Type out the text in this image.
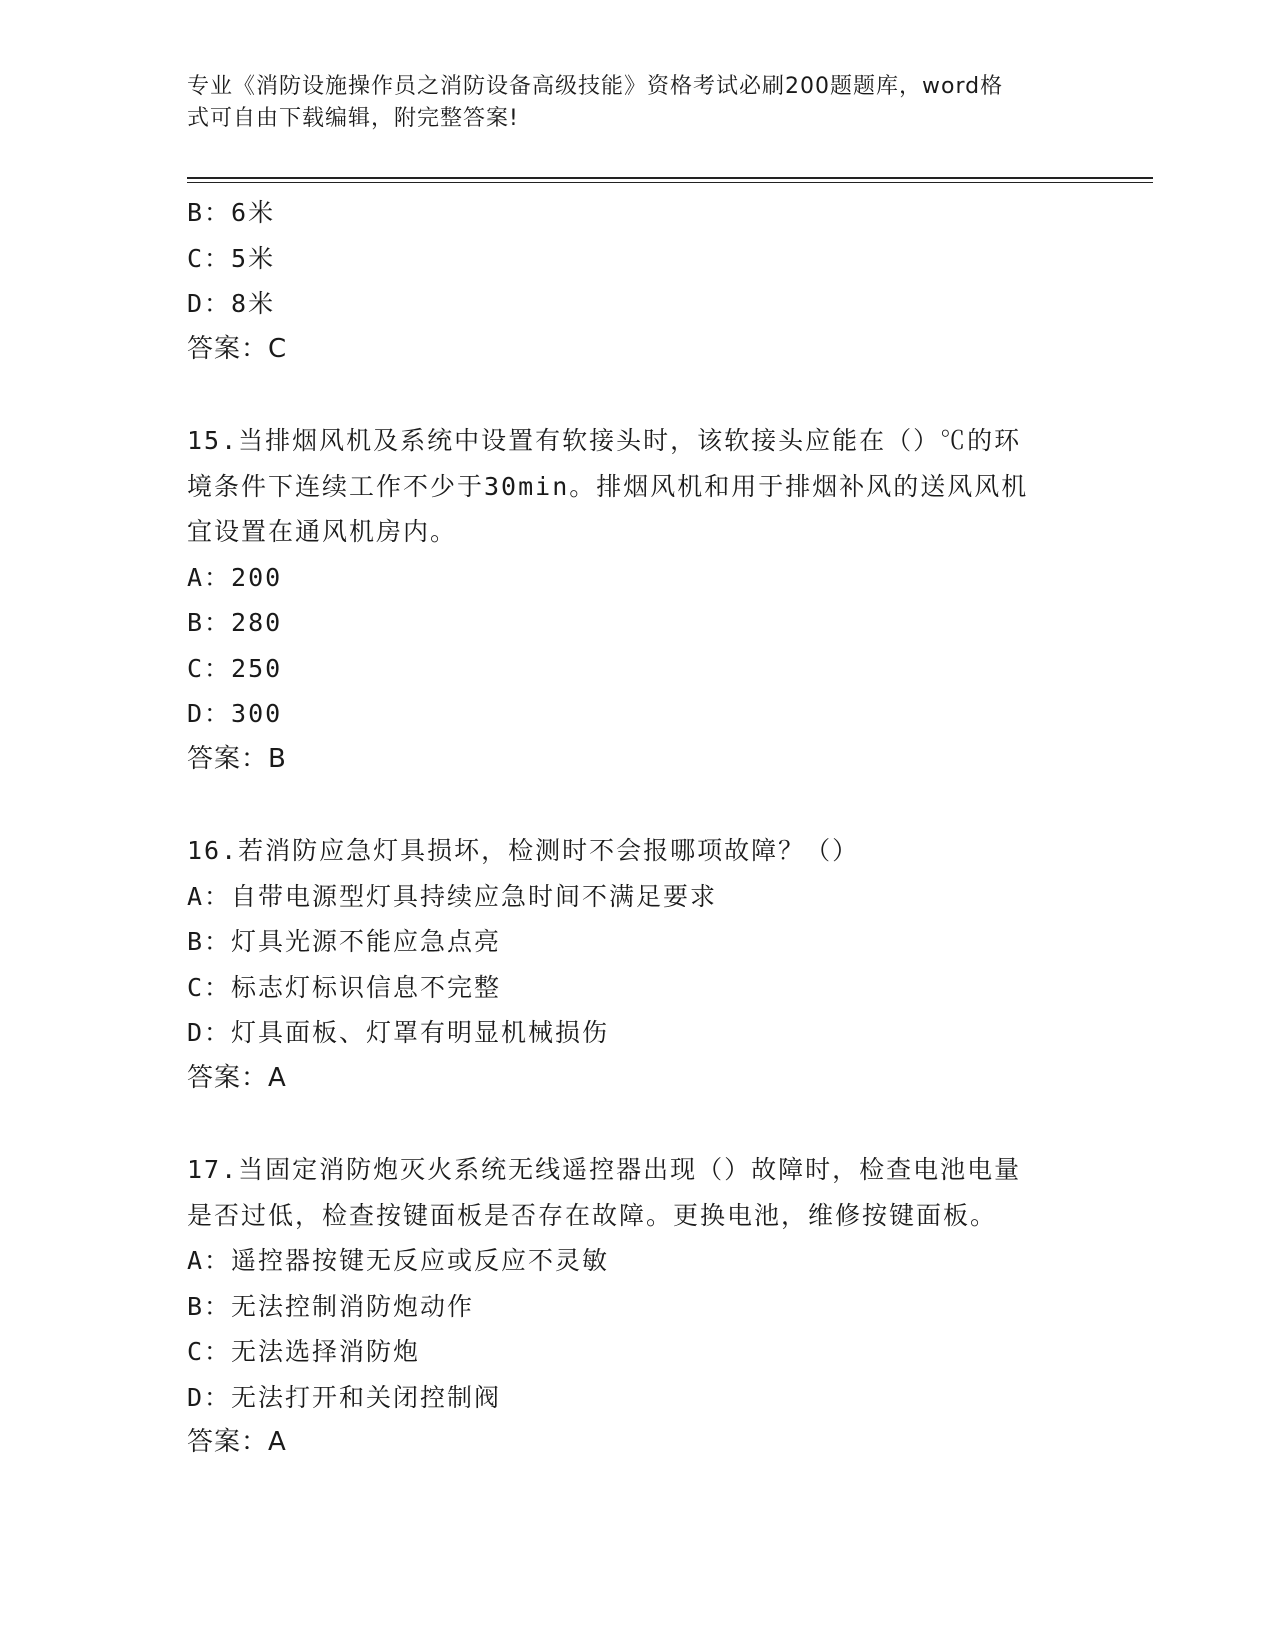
专业《消防设施操作员之消防设备高级技能》资格考试必刷200题题库，word格
式可自由下载编辑，附完整答案!
B：6米
C：5米
D：8米
答案：C
15.当排烟风机及系统中设置有软接头时，该软接头应能在（）℃的环
境条件下连续工作不少于30min。排烟风机和用于排烟补风的送风风机
宜设置在通风机房内。
A：200
B：280
C：250
D：300
答案：B
16.若消防应急灯具损坏，检测时不会报哪项故障？（）
A：自带电源型灯具持续应急时间不满足要求
B：灯具光源不能应急点亮
C：标志灯标识信息不完整
D：灯具面板、灯罩有明显机械损伤
答案：A
17.当固定消防炮灭火系统无线遥控器出现（）故障时，检查电池电量
是否过低，检查按键面板是否存在故障。更换电池，维修按键面板。
A：遥控器按键无反应或反应不灵敏
B：无法控制消防炮动作
C：无法选择消防炮
D：无法打开和关闭控制阀
答案：A
